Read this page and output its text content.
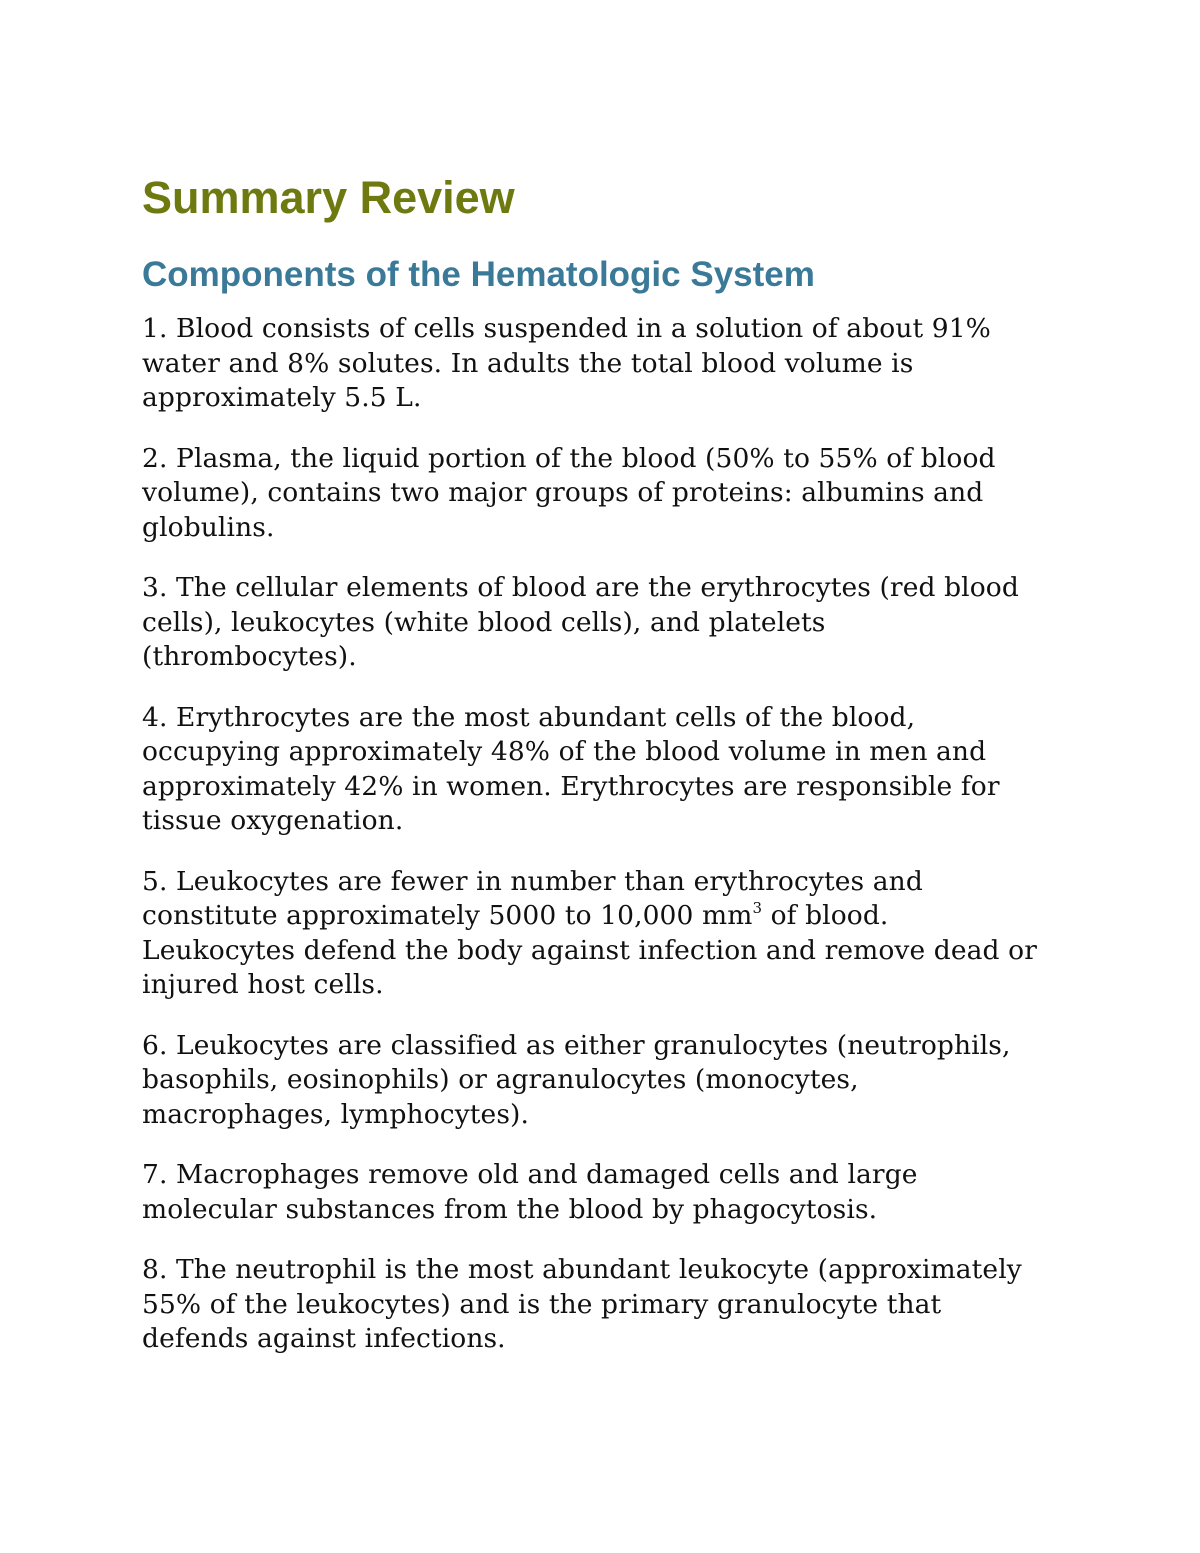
Summary Review
Components of the Hematologic System

1. Blood consists of cells suspended in a solution of about 91% water and 8% solutes. In adults the total blood volume is approximately 5.5 L.

2. Plasma, the liquid portion of the blood (50% to 55% of blood volume), contains two major groups of proteins: albumins and globulins.

3. The cellular elements of blood are the erythrocytes (red blood cells), leukocytes (white blood cells), and platelets (thrombocytes).

4. Erythrocytes are the most abundant cells of the blood, occupying approximately 48% of the blood volume in men and approximately 42% in women. Erythrocytes are responsible for tissue oxygenation.

5. Leukocytes are fewer in number than erythrocytes and constitute approximately 5000 to 10,000 $mm^3$ of blood. Leukocytes defend the body against infection and remove dead or injured host cells.

6. Leukocytes are classified as either granulocytes (neutrophils, basophils, eosinophils) or agranulocytes (monocytes, macrophages, lymphocytes).

7. Macrophages remove old and damaged cells and large molecular substances from the blood by phagocytosis.

8. The neutrophil is the most abundant leukocyte (approximately 55% of the leukocytes) and is the primary granulocyte that defends against infections.
